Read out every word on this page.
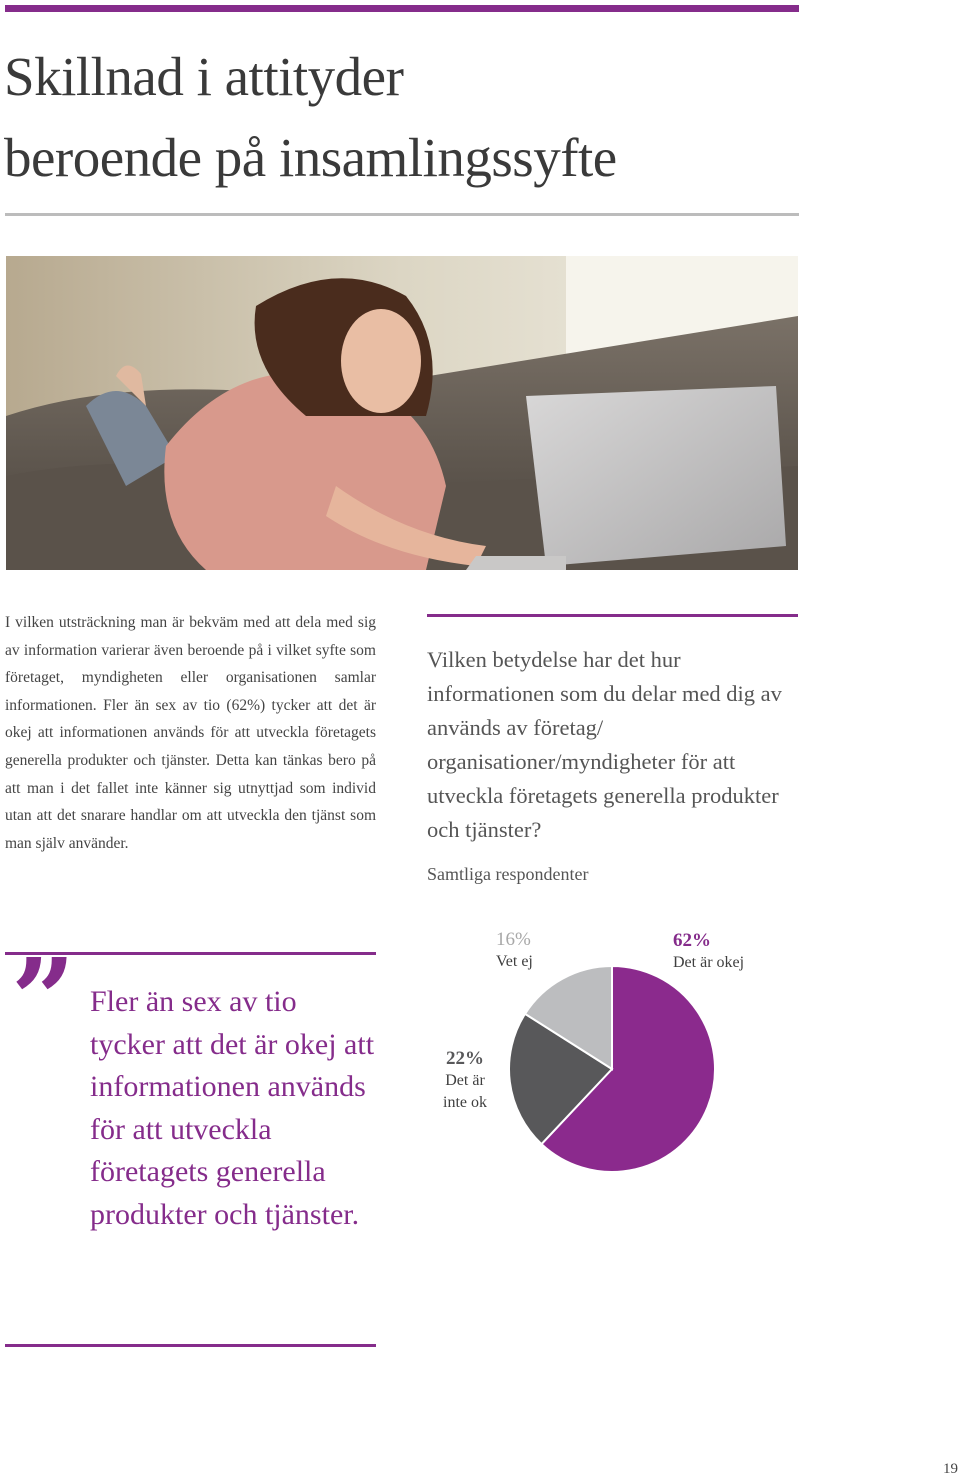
Skillnad i attityder
beroende på insamlingssyfte
I vilken utsträckning man är bekväm med att dela med sig av information varierar även beroende på i vilket syfte som företaget, myndigheten eller organisationen samlar informationen. Fler än sex av tio (62%) tycker att det är okej att informationen används för att utveckla företagets generella produkter och tjänster. Detta kan tänkas bero på att man i det fallet inte känner sig utnyttjad som individ utan att det snarare handlar om att utveckla den tjänst som man själv använder.
Vilken betydelse har det hur informationen som du delar med dig av används av företag/ organisationer/myndigheter för att utveckla företagets generella produkter och tjänster?
Samtliga respondenter
62%
Det är okej
16%
Vet ej
22%
Det är inte ok
” Fler än sex av tio tycker att det är okej att informationen används för att utveckla företagets generella produkter och tjänster.
19
